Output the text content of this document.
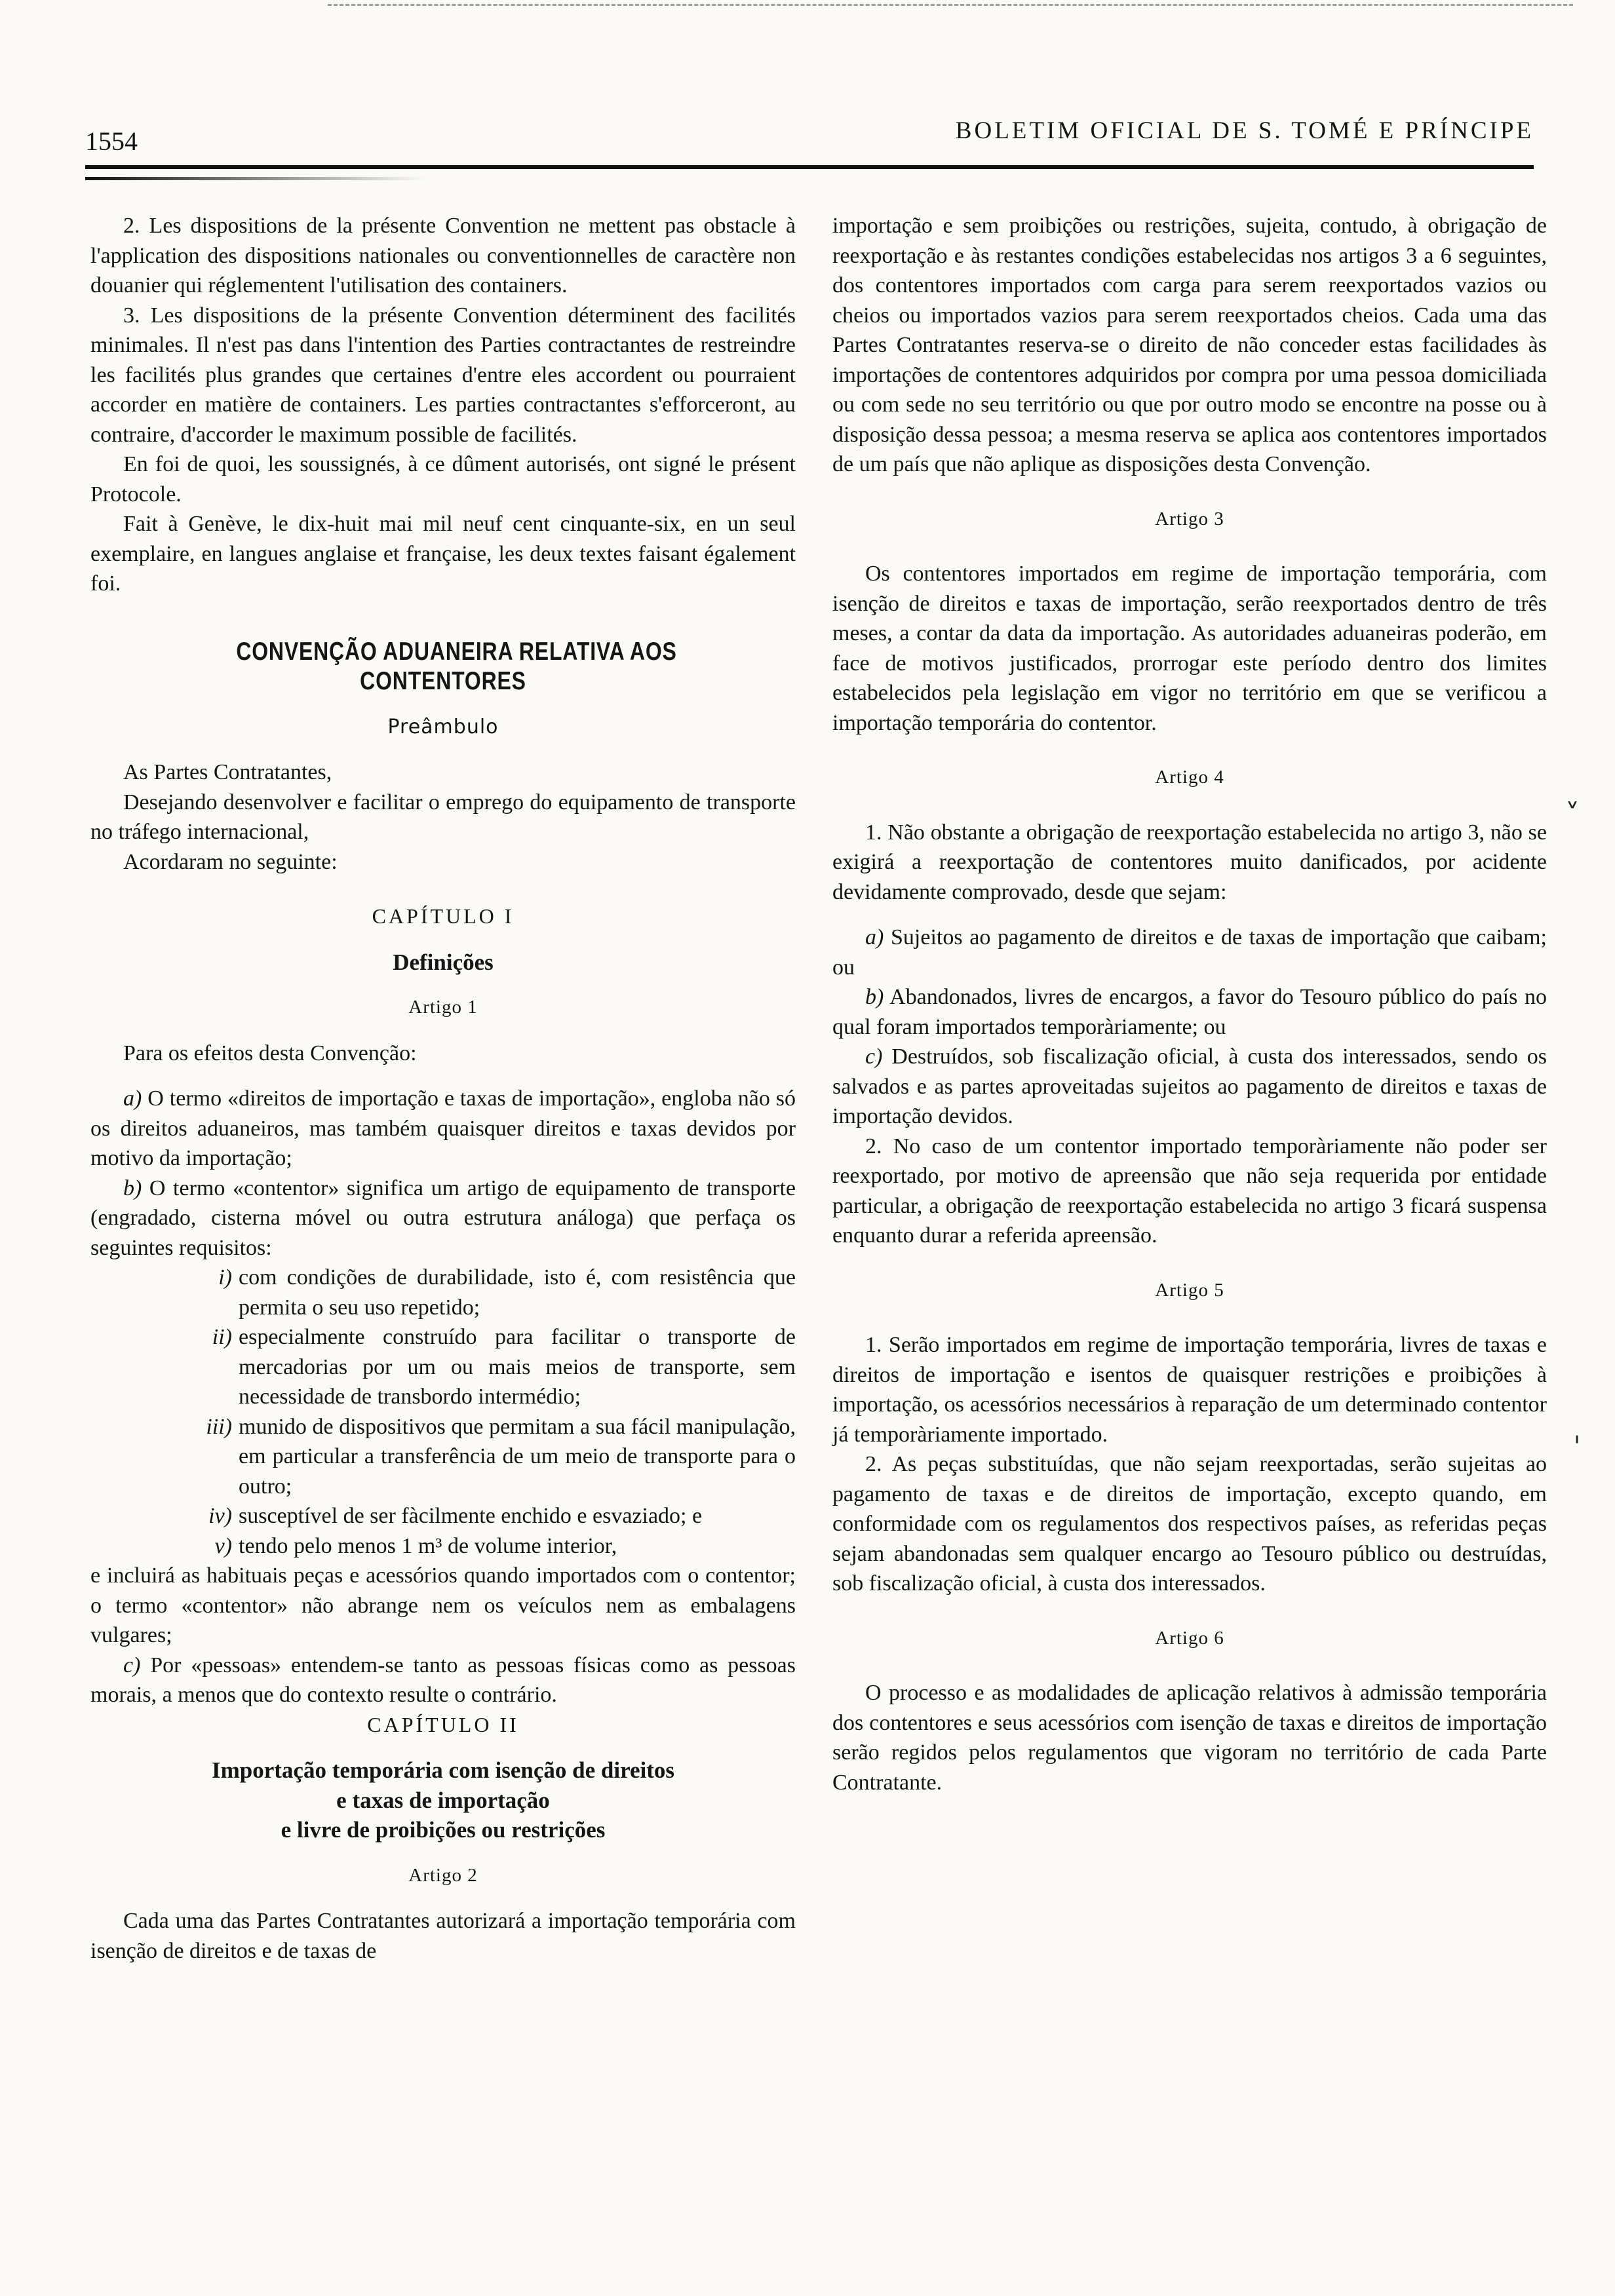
1554	BOLETIM OFICIAL DE S. TOMÉ E PRÍNCIPE

2. Les dispositions de la présente Convention ne mettent pas obstacle à l'application des dispositions nationales ou conventionnelles de caractère non douanier qui réglementent l'utilisation des containers.

3. Les dispositions de la présente Convention déterminent des facilités minimales. Il n'est pas dans l'intention des Parties contractantes de restreindre les facilités plus grandes que certaines d'entre eles accordent ou pourraient accorder en matière de containers. Les parties contractantes s'efforceront, au contraire, d'accorder le maximum possible de facilités.

En foi de quoi, les soussignés, à ce dûment autorisés, ont signé le présent Protocole.

Fait à Genève, le dix-huit mai mil neuf cent cinquante-six, en un seul exemplaire, en langues anglaise et française, les deux textes faisant également foi.

CONVENÇÃO ADUANEIRA RELATIVA AOS CONTENTORES

Preâmbulo

As Partes Contratantes,

Desejando desenvolver e facilitar o emprego do equipamento de transporte no tráfego internacional,

Acordaram no seguinte:

CAPÍTULO I

Definições

Artigo 1

Para os efeitos desta Convenção:

a) O termo «direitos de importação e taxas de importação», engloba não só os direitos aduaneiros, mas também quaisquer direitos e taxas devidos por motivo da importação;

b) O termo «contentor» significa um artigo de equipamento de transporte (engradado, cisterna móvel ou outra estrutura análoga) que perfaça os seguintes requisitos:

i) com condições de durabilidade, isto é, com resistência que permita o seu uso repetido;

ii) especialmente construído para facilitar o transporte de mercadorias por um ou mais meios de transporte, sem necessidade de transbordo intermédio;

iii) munido de dispositivos que permitam a sua fácil manipulação, em particular a transferência de um meio de transporte para o outro;

iv) susceptível de ser fàcilmente enchido e esvaziado; e

v) tendo pelo menos 1 m³ de volume interior,

e incluirá as habituais peças e acessórios quando importados com o contentor; o termo «contentor» não abrange nem os veículos nem as embalagens vulgares;

c) Por «pessoas» entendem-se tanto as pessoas físicas como as pessoas morais, a menos que do contexto resulte o contrário.

CAPÍTULO II

Importação temporária com isenção de direitos

e taxas de importação

e livre de proibições ou restrições

Artigo 2

Cada uma das Partes Contratantes autorizará a importação temporária com isenção de direitos e de taxas de

importação e sem proibições ou restrições, sujeita, contudo, à obrigação de reexportação e às restantes condições estabelecidas nos artigos 3 a 6 seguintes, dos contentores importados com carga para serem reexportados vazios ou cheios ou importados vazios para serem reexportados cheios. Cada uma das Partes Contratantes reserva-se o direito de não conceder estas facilidades às importações de contentores adquiridos por compra por uma pessoa domiciliada ou com sede no seu território ou que por outro modo se encontre na posse ou à disposição dessa pessoa; a mesma reserva se aplica aos contentores importados de um país que não aplique as disposições desta Convenção.

Artigo 3

Os contentores importados em regime de importação temporária, com isenção de direitos e taxas de importação, serão reexportados dentro de três meses, a contar da data da importação. As autoridades aduaneiras poderão, em face de motivos justificados, prorrogar este período dentro dos limites estabelecidos pela legislação em vigor no território em que se verificou a importação temporária do contentor.

Artigo 4

1. Não obstante a obrigação de reexportação estabelecida no artigo 3, não se exigirá a reexportação de contentores muito danificados, por acidente devidamente comprovado, desde que sejam:

a) Sujeitos ao pagamento de direitos e de taxas de importação que caibam; ou

b) Abandonados, livres de encargos, a favor do Tesouro público do país no qual foram importados temporàriamente; ou

c) Destruídos, sob fiscalização oficial, à custa dos interessados, sendo os salvados e as partes aproveitadas sujeitos ao pagamento de direitos e taxas de importação devidos.

2. No caso de um contentor importado temporàriamente não poder ser reexportado, por motivo de apreensão que não seja requerida por entidade particular, a obrigação de reexportação estabelecida no artigo 3 ficará suspensa enquanto durar a referida apreensão.

Artigo 5

1. Serão importados em regime de importação temporária, livres de taxas e direitos de importação e isentos de quaisquer restrições e proibições à importação, os acessórios necessários à reparação de um determinado contentor já temporàriamente importado.

2. As peças substituídas, que não sejam reexportadas, serão sujeitas ao pagamento de taxas e de direitos de importação, excepto quando, em conformidade com os regulamentos dos respectivos países, as referidas peças sejam abandonadas sem qualquer encargo ao Tesouro público ou destruídas, sob fiscalização oficial, à custa dos interessados.

Artigo 6

O processo e as modalidades de aplicação relativos à admissão temporária dos contentores e seus acessórios com isenção de taxas e direitos de importação serão regidos pelos regulamentos que vigoram no território de cada Parte Contratante.

˅
ˌ
